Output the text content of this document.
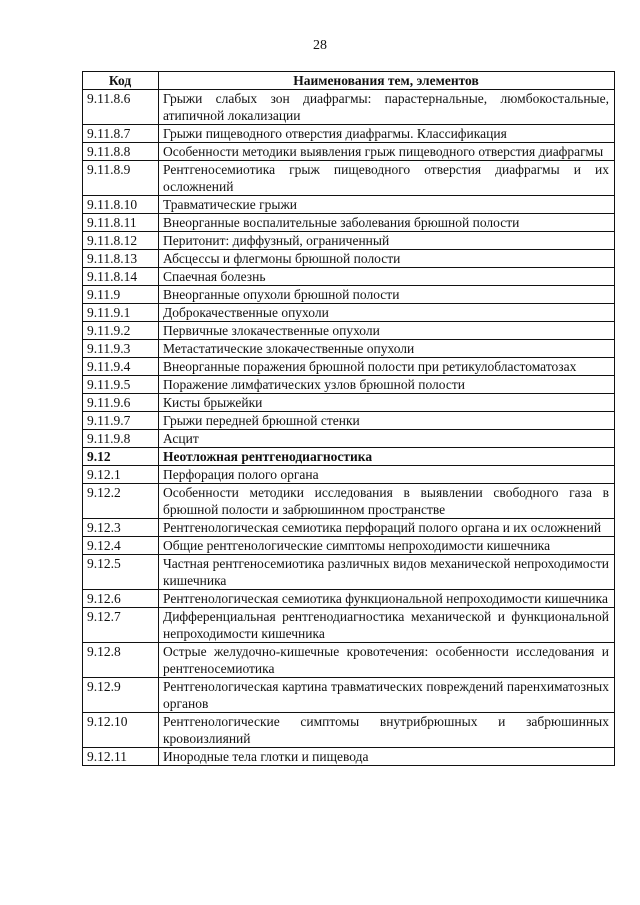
28
Код	Наименования тем, элементов
9.11.8.6	Грыжи слабых зон диафрагмы: парастернальные, люмбокостальные, атипичной локализации
9.11.8.7	Грыжи пищеводного отверстия диафрагмы. Классификация
9.11.8.8	Особенности методики выявления грыж пищеводного отверстия диафрагмы
9.11.8.9	Рентгеносемиотика грыж пищеводного отверстия диафрагмы и их осложнений
9.11.8.10	Травматические грыжи
9.11.8.11	Внеорганные воспалительные заболевания брюшной полости
9.11.8.12	Перитонит: диффузный, ограниченный
9.11.8.13	Абсцессы и флегмоны брюшной полости
9.11.8.14	Спаечная болезнь
9.11.9	Внеорганные опухоли брюшной полости
9.11.9.1	Доброкачественные опухоли
9.11.9.2	Первичные злокачественные опухоли
9.11.9.3	Метастатические злокачественные опухоли
9.11.9.4	Внеорганные поражения брюшной полости при ретикулобластоматозах
9.11.9.5	Поражение лимфатических узлов брюшной полости
9.11.9.6	Кисты брыжейки
9.11.9.7	Грыжи передней брюшной стенки
9.11.9.8	Асцит
9.12	Неотложная рентгенодиагностика
9.12.1	Перфорация полого органа
9.12.2	Особенности методики исследования в выявлении свободного газа в брюшной полости и забрюшинном пространстве
9.12.3	Рентгенологическая семиотика перфораций полого органа и их осложнений
9.12.4	Общие рентгенологические симптомы непроходимости кишечника
9.12.5	Частная рентгеносемиотика различных видов механической непроходимости кишечника
9.12.6	Рентгенологическая семиотика функциональной непроходимости кишечника
9.12.7	Дифференциальная рентгенодиагностика механической и функциональной непроходимости кишечника
9.12.8	Острые желудочно-кишечные кровотечения: особенности исследования и рентгеносемиотика
9.12.9	Рентгенологическая картина травматических повреждений паренхиматозных органов
9.12.10	Рентгенологические симптомы внутрибрюшных и забрюшинных кровоизлияний
9.12.11	Инородные тела глотки и пищевода
